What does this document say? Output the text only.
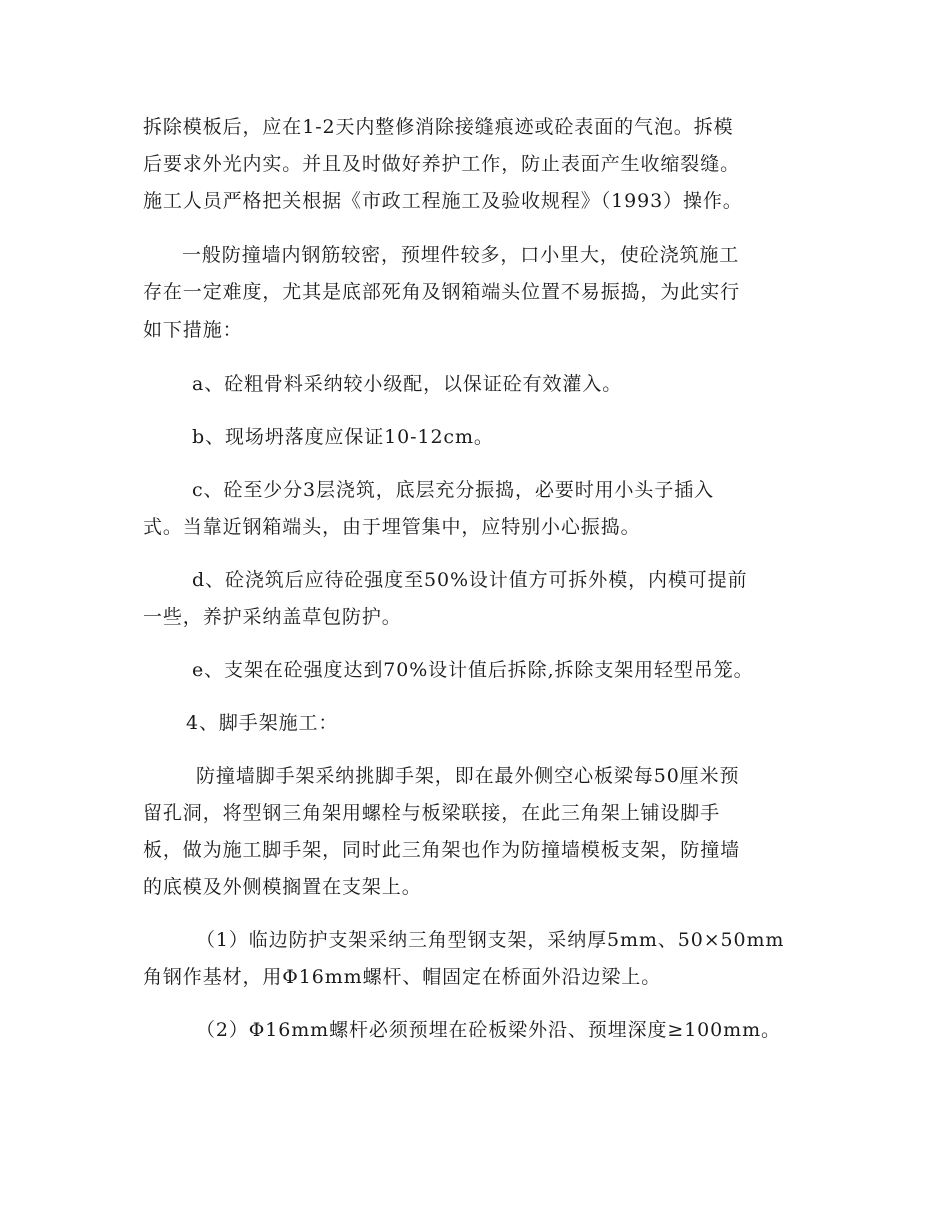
拆除模板后，应在1-2天内整修消除接缝痕迹或砼表面的气泡。拆模
后要求外光内实。并且及时做好养护工作，防止表面产生收缩裂缝。
施工人员严格把关根据《市政工程施工及验收规程》（1993）操作。
一般防撞墙内钢筋较密，预埋件较多，口小里大，使砼浇筑施工
存在一定难度，尤其是底部死角及钢箱端头位置不易振捣，为此实行
如下措施：
a、砼粗骨料采纳较小级配，以保证砼有效灌入。
b、现场坍落度应保证10-12cm。
c、砼至少分3层浇筑，底层充分振捣，必要时用小头子插入
式。当靠近钢箱端头，由于埋管集中，应特别小心振捣。
d、砼浇筑后应待砼强度至50%设计值方可拆外模，内模可提前
一些，养护采纳盖草包防护。
e、支架在砼强度达到70%设计值后拆除,拆除支架用轻型吊笼。
4、脚手架施工：
防撞墙脚手架采纳挑脚手架，即在最外侧空心板梁每50厘米预
留孔洞，将型钢三角架用螺栓与板梁联接，在此三角架上铺设脚手
板，做为施工脚手架，同时此三角架也作为防撞墙模板支架，防撞墙
的底模及外侧模搁置在支架上。
（1）临边防护支架采纳三角型钢支架，采纳厚5mm、50×50mm
角钢作基材，用Φ16mm螺杆、帽固定在桥面外沿边梁上。
（2）Φ16mm螺杆必须预埋在砼板梁外沿、预埋深度≥100mm。
